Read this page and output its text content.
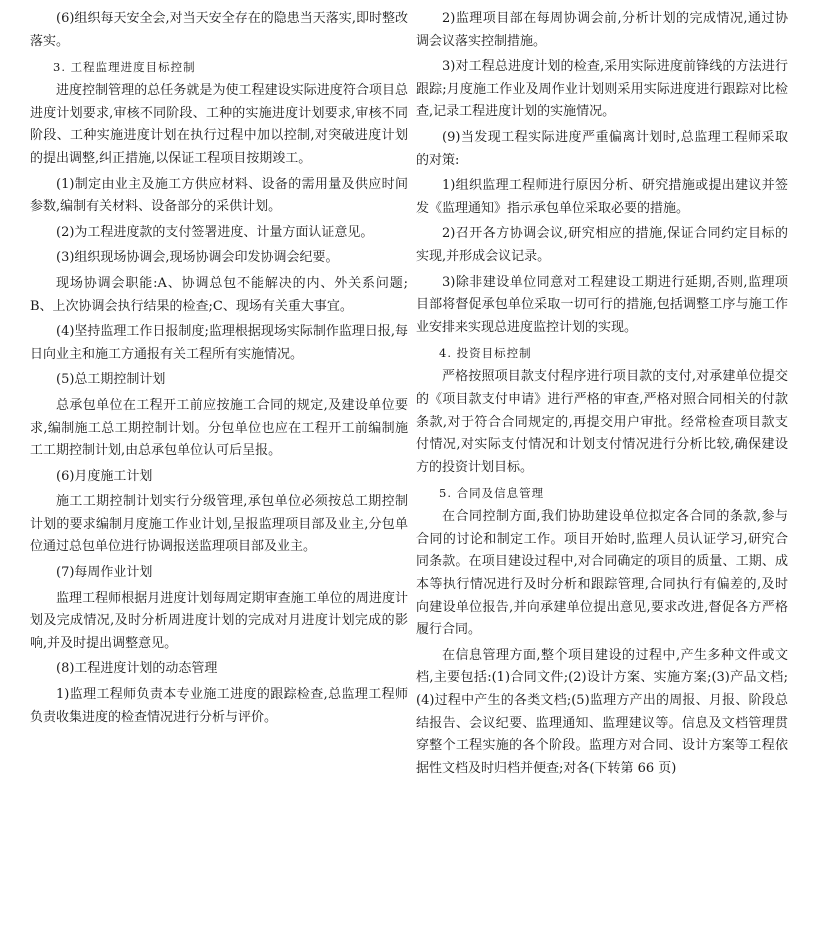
(6)组织每天安全会,对当天安全存在的隐患当天落实,即时整改落实。

3. 工程监理进度目标控制

进度控制管理的总任务就是为使工程建设实际进度符合项目总进度计划要求,审核不同阶段、工种的实施进度计划要求,审核不同阶段、工种实施进度计划在执行过程中加以控制,对突破进度计划的提出调整,纠正措施,以保证工程项目按期竣工。

(1)制定由业主及施工方供应材料、设备的需用量及供应时间参数,编制有关材料、设备部分的采供计划。

(2)为工程进度款的支付签署进度、计量方面认证意见。

(3)组织现场协调会,现场协调会印发协调会纪要。

现场协调会职能:A、协调总包不能解决的内、外关系问题;B、上次协调会执行结果的检查;C、现场有关重大事宜。

(4)坚持监理工作日报制度;监理根据现场实际制作监理日报,每日向业主和施工方通报有关工程所有实施情况。

(5)总工期控制计划

总承包单位在工程开工前应按施工合同的规定,及建设单位要求,编制施工总工期控制计划。分包单位也应在工程开工前编制施工工期控制计划,由总承包单位认可后呈报。

(6)月度施工计划

施工工期控制计划实行分级管理,承包单位必须按总工期控制计划的要求编制月度施工作业计划,呈报监理项目部及业主,分包单位通过总包单位进行协调报送监理项目部及业主。

(7)每周作业计划

监理工程师根据月进度计划每周定期审查施工单位的周进度计划及完成情况,及时分析周进度计划的完成对月进度计划完成的影响,并及时提出调整意见。

(8)工程进度计划的动态管理

1)监理工程师负责本专业施工进度的跟踪检查,总监理工程师负责收集进度的检查情况进行分析与评价。

2)监理项目部在每周协调会前,分析计划的完成情况,通过协调会议落实控制措施。

3)对工程总进度计划的检查,采用实际进度前锋线的方法进行跟踪;月度施工作业及周作业计划则采用实际进度进行跟踪对比检查,记录工程进度计划的实施情况。

(9)当发现工程实际进度严重偏离计划时,总监理工程师采取的对策:

1)组织监理工程师进行原因分析、研究措施或提出建议并签发《监理通知》指示承包单位采取必要的措施。

2)召开各方协调会议,研究相应的措施,保证合同约定目标的实现,并形成会议记录。

3)除非建设单位同意对工程建设工期进行延期,否则,监理项目部将督促承包单位采取一切可行的措施,包括调整工序与施工作业安排来实现总进度监控计划的实现。

4. 投资目标控制

严格按照项目款支付程序进行项目款的支付,对承建单位提交的《项目款支付申请》进行严格的审查,严格对照合同相关的付款条款,对于符合合同规定的,再提交用户审批。经常检查项目款支付情况,对实际支付情况和计划支付情况进行分析比较,确保建设方的投资计划目标。

5. 合同及信息管理

在合同控制方面,我们协助建设单位拟定各合同的条款,参与合同的讨论和制定工作。项目开始时,监理人员认证学习,研究合同条款。在项目建设过程中,对合同确定的项目的质量、工期、成本等执行情况进行及时分析和跟踪管理,合同执行有偏差的,及时向建设单位报告,并向承建单位提出意见,要求改进,督促各方严格履行合同。

在信息管理方面,整个项目建设的过程中,产生多种文件或文档,主要包括:(1)合同文件;(2)设计方案、实施方案;(3)产品文档;(4)过程中产生的各类文档;(5)监理方产出的周报、月报、阶段总结报告、会议纪要、监理通知、监理建议等。信息及文档管理贯穿整个工程实施的各个阶段。监理方对合同、设计方案等工程依据性文档及时归档并便查;对各(下转第 66 页)
